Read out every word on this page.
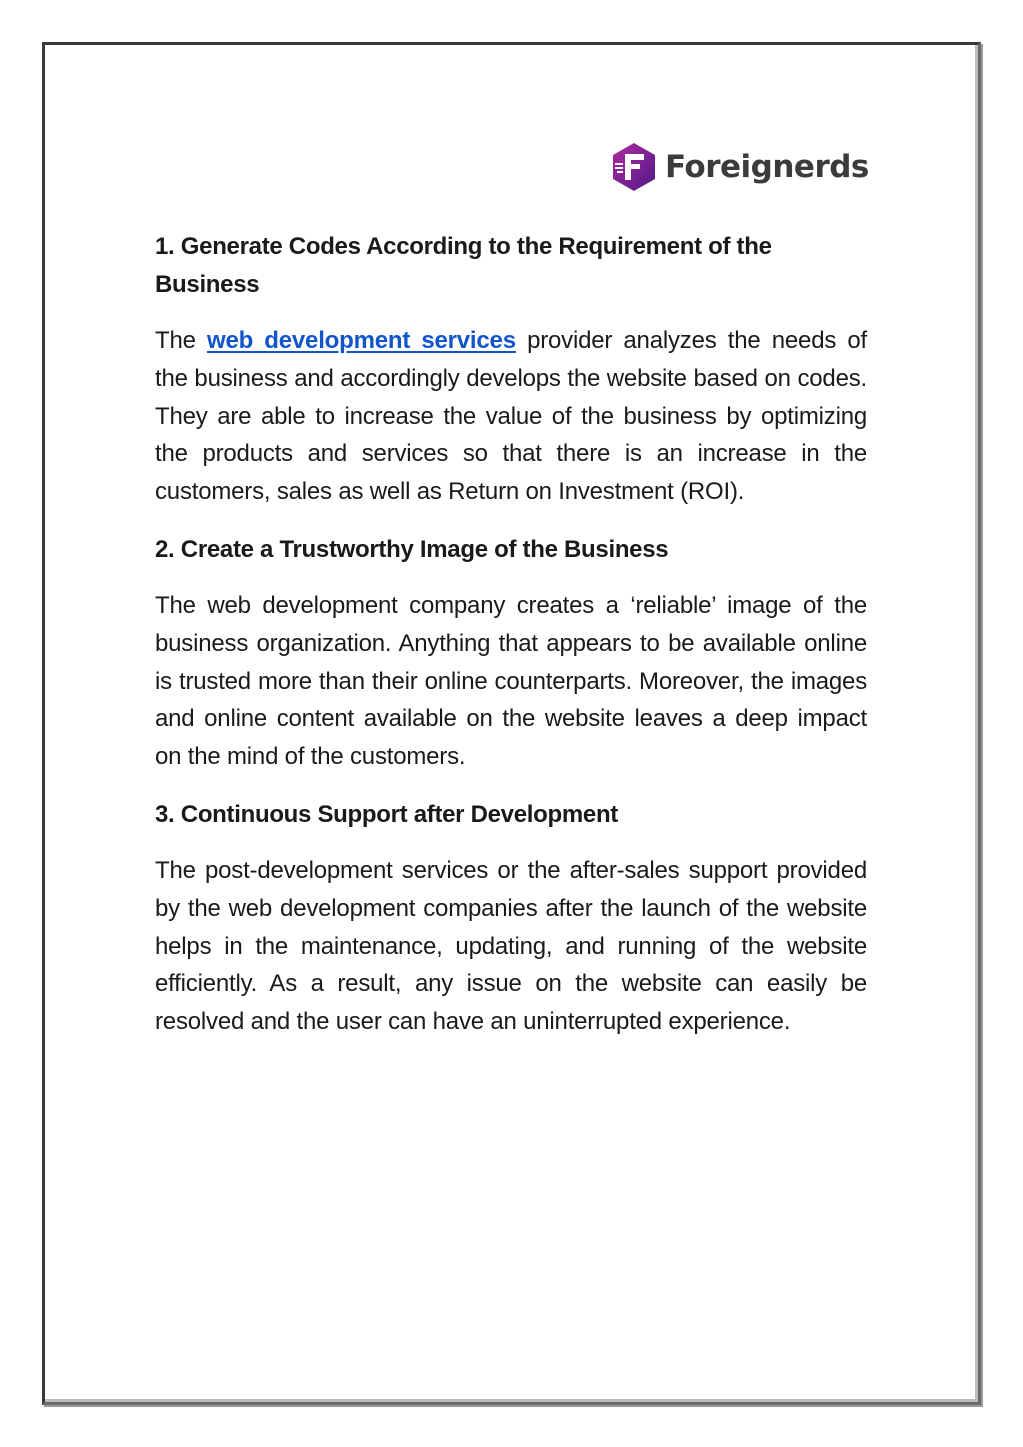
Foreignerds
1. Generate Codes According to the Requirement of the Business

The web development services provider analyzes the needs of the business and accordingly develops the website based on codes. They are able to increase the value of the business by optimizing the products and services so that there is an increase in the customers, sales as well as Return on Investment (ROI).

2. Create a Trustworthy Image of the Business

The web development company creates a ‘reliable’ image of the business organization. Anything that appears to be available online is trusted more than their online counterparts. Moreover, the images and online content available on the website leaves a deep impact on the mind of the customers.

3. Continuous Support after Development

The post-development services or the after-sales support provided by the web development companies after the launch of the website helps in the maintenance, updating, and running of the website efficiently. As a result, any issue on the website can easily be resolved and the user can have an uninterrupted experience.
